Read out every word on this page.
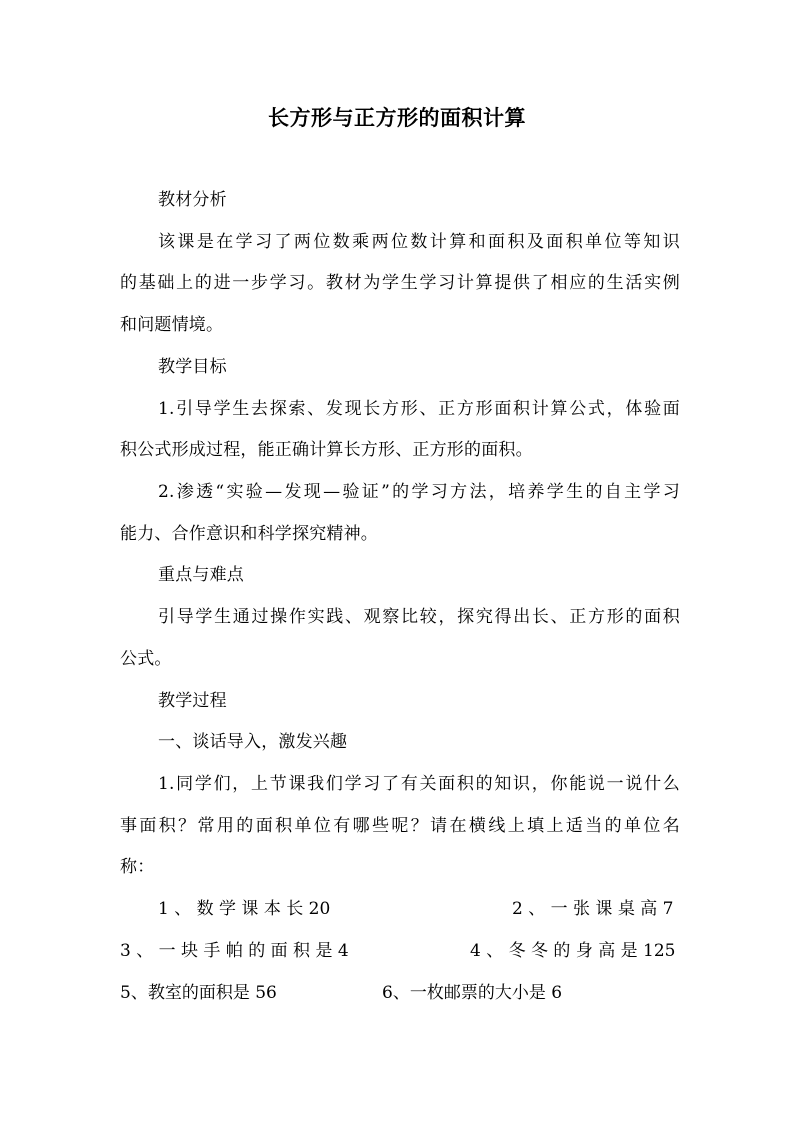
长方形与正方形的面积计算
教材分析
该课是在学习了两位数乘两位数计算和面积及面积单位等知识
的基础上的进一步学习。教材为学生学习计算提供了相应的生活实例
和问题情境。
教学目标
1.引导学生去探索、发现长方形、正方形面积计算公式，体验面
积公式形成过程，能正确计算长方形、正方形的面积。
2.渗透“实验—发现—验证”的学习方法，培养学生的自主学习
能力、合作意识和科学探究精神。
重点与难点
引导学生通过操作实践、观察比较，探究得出长、正方形的面积
公式。
教学过程
一、谈话导入，激发兴趣
1.同学们，上节课我们学习了有关面积的知识，你能说一说什么
事面积？常用的面积单位有哪些呢？请在横线上填上适当的单位名
称：
1 、 数 学 课 本 长 20	2 、 一 张 课 桌 高 7
3 、 一 块 手 帕 的 面 积 是 4	4 、 冬 冬 的 身 高 是 125
5、教室的面积是 56	6、一枚邮票的大小是 6
